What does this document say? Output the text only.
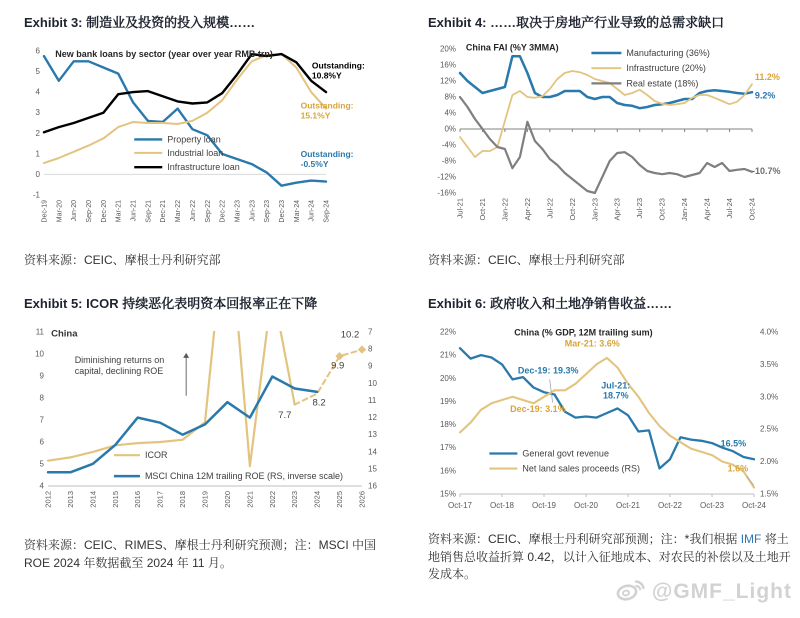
Exhibit 3: 制造业及投资的投入规模……
6
5
4
3
2
1
0
-1
Dec-19 Mar-20 Jun-20 Sep-20 Dec-20 Mar-21 Jun-21 Sep-21 Dec-21 Mar-22 Jun-22 Sep-22 Dec-22 Mar-23 Jun-23 Sep-23 Dec-23 Mar-24 Jun-24 Sep-24
New bank loans by sector (year over year RMB trn)
Outstanding:
10.8%Y
Outstanding:
15.1%Y
Outstanding:
-0.5%Y
Property loan
Industrial loan
Infrastructure loan

资料来源：CEIC、摩根士丹利研究部

Exhibit 4: ……取决于房地产行业导致的总需求缺口
20%
16%
12%
8%
4%
0%
-4%
-8%
-12%
-16%
Jul-21 Oct-21 Jan-22 Apr-22 Jul-22 Oct-22 Jan-23 Apr-23 Jul-23 Oct-23 Jan-24 Apr-24 Jul-24 Oct-24
China FAI (%Y 3MMA)
11.2%
9.2%
-10.7%
Manufacturing (36%)
Infrastructure (20%)
Real estate (18%)

资料来源：CEIC、摩根士丹利研究部

Exhibit 5: ICOR 持续恶化表明资本回报率正在下降
11
10
9
8
7
6
5
4
7
8
9
10
11
12
13
14
15
16
2012 2013 2014 2015 2016 2017 2018 2019 2020 2021 2022 2023 2024 2025 2026
China
Diminishing returns on
capital, declining ROE
7.7
8.2
9.9
10.2
ICOR
MSCI China 12M trailing ROE (RS, inverse scale)

资料来源：CEIC、RIMES、摩根士丹利研究预测；注：MSCI 中国 ROE 2024 年数据截至 2024 年 11 月。

Exhibit 6: 政府收入和土地净销售收益……
22%
21%
20%
19%
18%
17%
16%
15%
4.0%
3.5%
3.0%
2.5%
2.0%
1.5%
Oct-17 Oct-18 Oct-19 Oct-20 Oct-21 Oct-22 Oct-23 Oct-24
China (% GDP, 12M trailing sum)
Mar-21: 3.6%
Dec-19: 19.3%
Jul-21:
18.7%
Dec-19: 3.1%
16.5%
1.6%
General govt revenue
Net land sales proceeds (RS)

资料来源：CEIC、摩根士丹利研究部预测；注：*我们根据 IMF 将土地销售总收益折算 0.42，以计入征地成本、对农民的补偿以及土地开发成本。

@GMF_Light
